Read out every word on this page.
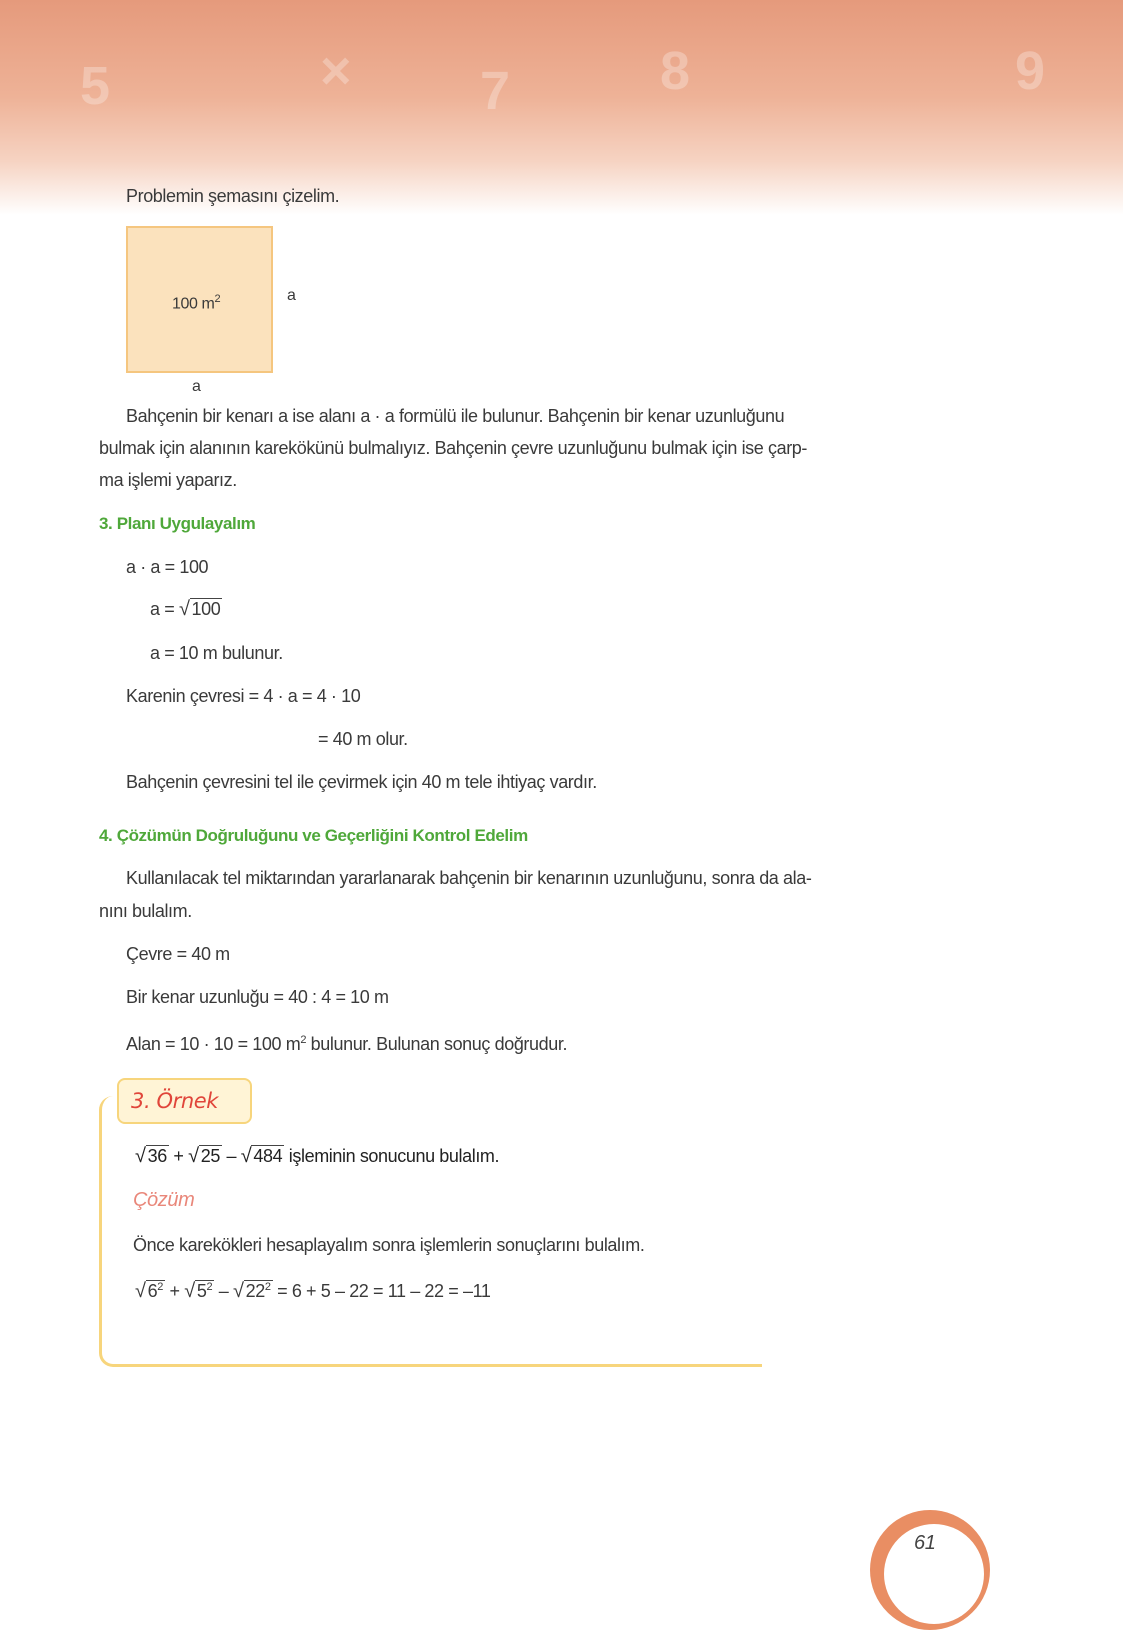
5	× 7	8	9
Problemin şemasını çizelim.
100 $m^2$	a
a
Bahçenin bir kenarı a ise alanı a · a formülü ile bulunur. Bahçenin bir kenar uzunluğunu
bulmak için alanının karekökünü bulmalıyız. Bahçenin çevre uzunluğunu bulmak için ise çarp-
ma işlemi yaparız.
3. Planı Uygulayalım
a · a = 100
a = √ 100
a = 10 m bulunur.
Karenin çevresi = 4 · a = 4 · 10
= 40 m olur.
Bahçenin çevresini tel ile çevirmek için 40 m tele ihtiyaç vardır.
4. Çözümün Doğruluğunu ve Geçerliğini Kontrol Edelim
Kullanılacak tel miktarından yararlanarak bahçenin bir kenarının uzunluğunu, sonra da ala-
nını bulalım.
Çevre = 40 m
Bir kenar uzunluğu = 40 : 4 = 10 m
Alan = 10 · 10 = 100 $m^2$ bulunur. Bulunan sonuç doğrudur.
3. Örnek
√ 36 + √ 25 – √ 484 işleminin sonucunu bulalım.
Çözüm
Önce karekökleri hesaplayalım sonra işlemlerin sonuçlarını bulalım.
√ $6^2$ + √ $5^2$ – √ $22^2 = 6 + 5 - 22 = 11 - 22 = -11$
61
